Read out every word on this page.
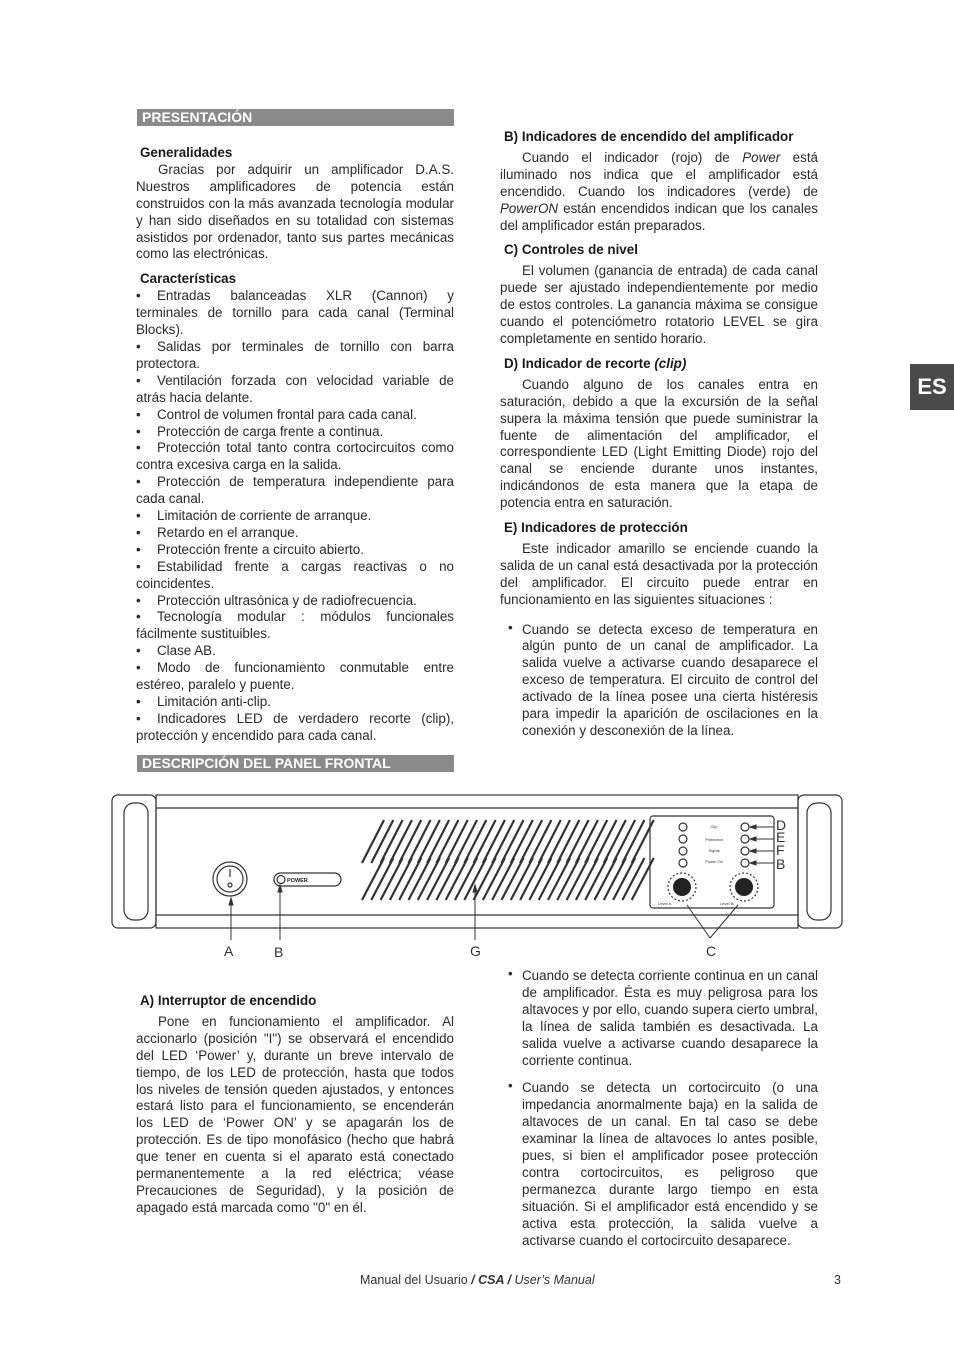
PRESENTACIÓN
Generalidades

Gracias por adquirir un amplificador D.A.S. Nuestros amplificadores de potencia están construidos con la más avanzada tecnología modular y han sido diseñados en su totalidad con sistemas asistidos por ordenador, tanto sus partes mecánicas como las electrónicas.

Características
• Entradas balanceadas XLR (Cannon) y terminales de tornillo para cada canal (Terminal Blocks).
• Salidas por terminales de tornillo con barra protectora.
• Ventilación forzada con velocidad variable de atrás hacia delante.
• Control de volumen frontal para cada canal.
• Protección de carga frente a continua.
• Protección total tanto contra cortocircuitos como contra excesiva carga en la salida.
• Protección de temperatura independiente para cada canal.
• Limitación de corriente de arranque.
• Retardo en el arranque.
• Protección frente a circuito abierto.
• Estabilidad frente a cargas reactivas o no coincidentes.
• Protección ultrasónica y de radiofrecuencia.
• Tecnología modular : módulos funcionales fácilmente sustituibles.
• Clase AB.
• Modo de funcionamiento conmutable entre estéreo, paralelo y puente.
• Limitación anti-clip.
• Indicadores LED de verdadero recorte (clip), protección y encendido para cada canal.
DESCRIPCIÓN DEL PANEL FRONTAL
B) Indicadores de encendido del amplificador

Cuando el indicador (rojo) de Power está iluminado nos indica que el amplificador está encendido. Cuando los indicadores (verde) de PowerON están encendidos indican que los canales del amplificador están preparados.

C) Controles de nivel

El volumen (ganancia de entrada) de cada canal puede ser ajustado independientemente por medio de estos controles. La ganancia máxima se consigue cuando el potenciómetro rotatorio LEVEL se gira completamente en sentido horario.

D) Indicador de recorte (clip)

Cuando alguno de los canales entra en saturación, debido a que la excursión de la señal supera la máxima tensión que puede suministrar la fuente de alimentación del amplificador, el correspondiente LED (Light Emitting Diode) rojo del canal se enciende durante unos instantes, indicándonos de esta manera que la etapa de potencia entra en saturación.

E) Indicadores de protección

Este indicador amarillo se enciende cuando la salida de un canal está desactivada por la protección del amplificador. El circuito puede entrar en funcionamiento en las siguientes situaciones :

• Cuando se detecta exceso de temperatura en algún punto de un canal de amplificador. La salida vuelve a activarse cuando desaparece el exceso de temperatura. El circuito de control del activado de la línea posee una cierta histéresis para impedir la aparición de oscilaciones en la conexión y desconexión de la línea.
ES
POWER
Clip
Protection
Signal
Power On
Level A	Level B
D
E
F
B
A	B	G	C
A) Interruptor de encendido

Pone en funcionamiento el amplificador. Al accionarlo (posición "I") se observará el encendido del LED ‘Power’ y, durante un breve intervalo de tiempo, de los LED de protección, hasta que todos los niveles de tensión queden ajustados, y entonces estará listo para el funcionamiento, se encenderán los LED de ‘Power ON’ y se apagarán los de protección. Es de tipo monofásico (hecho que habrá que tener en cuenta si el aparato está conectado permanentemente a la red eléctrica; véase Precauciones de Seguridad), y la posición de apagado está marcada como "0" en él.

• Cuando se detecta corriente continua en un canal de amplificador. Ésta es muy peligrosa para los altavoces y por ello, cuando supera cierto umbral, la línea de salida también es desactivada. La salida vuelve a activarse cuando desaparece la corriente continua.
• Cuando se detecta un cortocircuito (o una impedancia anormalmente baja) en la salida de altavoces de un canal. En tal caso se debe examinar la línea de altavoces lo antes posible, pues, si bien el amplificador posee protección contra cortocircuitos, es peligroso que permanezca durante largo tiempo en esta situación. Si el amplificador está encendido y se activa esta protección, la salida vuelve a activarse cuando el cortocircuito desaparece.
Manual del Usuario / CSA / User’s Manual	3
